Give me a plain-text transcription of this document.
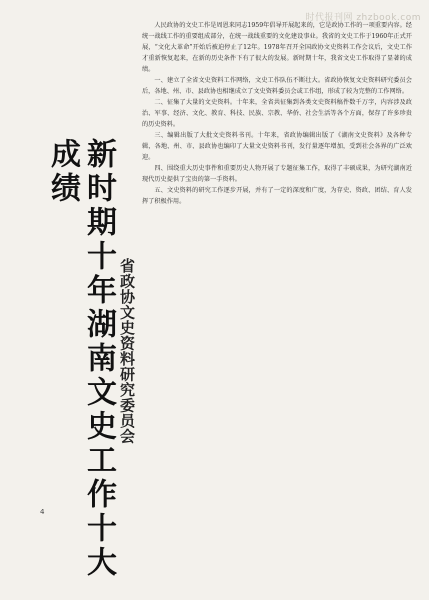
时代报刊网 zhzbook.com
新时期十年湖南文史工作十大成绩
省政协文史资料研究委员会

人民政协的文史工作是周恩来同志1959年倡导开展起来的，它是政协工作的一项重要内容。经统一战线工作的重要组成部分，在统一战线重要的文化建设事业。我省的文史工作于1960年正式开展，“文化大革命”开始后被迫停止了12年。1978年召开全国政协文史资料工作会议后，文史工作才重新恢复起来，在新的历史条件下有了很大的发展。新时期十年，我省文史工作取得了显著的成绩。

一、建立了全省文史资料工作网络，文史工作队伍不断壮大。省政协恢复文史资料研究委员会后，各地、州、市、县政协也相继成立了文史资料委员会或工作组，形成了较为完整的工作网络。

二、征集了大量的文史资料。十年来，全省共征集到各类文史资料稿件数千万字，内容涉及政治、军事、经济、文化、教育、科技、民族、宗教、华侨、社会生活等各个方面，保存了许多珍贵的历史资料。

三、编辑出版了大批文史资料书刊。十年来，省政协编辑出版了《湖南文史资料》及各种专辑，各地、州、市、县政协也编印了大量文史资料书刊，发行量逐年增加，受到社会各界的广泛欢迎。

四、围绕重大历史事件和重要历史人物开展了专题征集工作，取得了丰硕成果，为研究湖南近现代历史提供了宝贵的第一手资料。

五、文史资料的研究工作逐步开展，并有了一定的深度和广度，为存史、资政、团结、育人发挥了积极作用。

4
